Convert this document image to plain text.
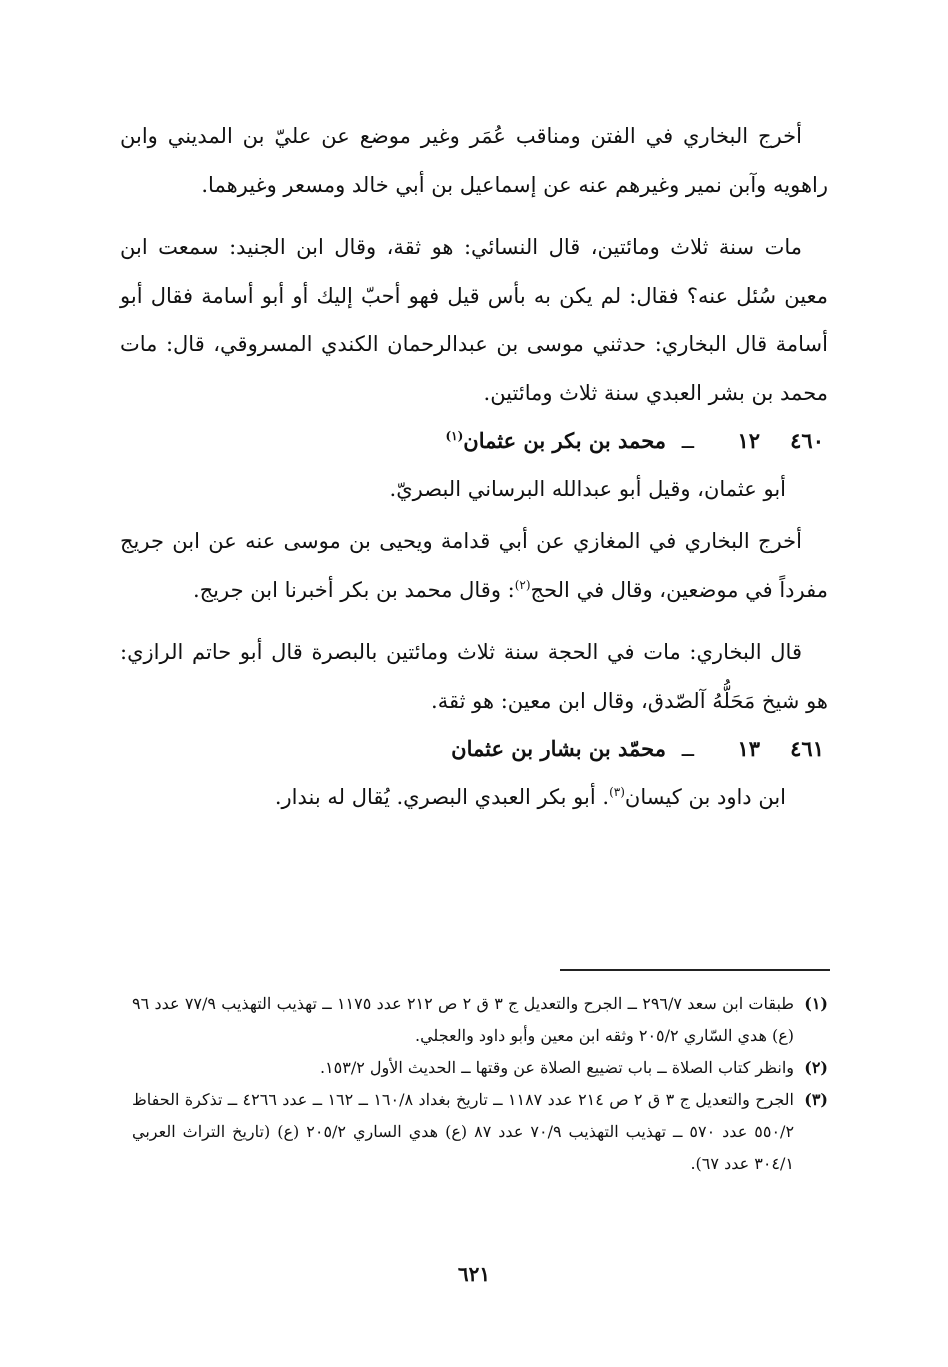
أخرج البخاري في الفتن ومناقب عُمَر وغير موضع عن عليّ بن المديني وابن راهويه وآبن نمير وغيرهم عنه عن إسماعيل بن أبي خالد ومسعر وغيرهما.

مات سنة ثلاث ومائتين، قال النسائي: هو ثقة، وقال ابن الجنيد: سمعت ابن معين سُئل عنه؟ فقال: لم يكن به بأس قيل فهو أحبّ إليك أو أبو أسامة فقال أبو أسامة قال البخاري: حدثني موسى بن عبدالرحمان الكندي المسروقي، قال: مات محمد بن بشر العبدي سنة ثلاث ومائتين.

٤٦٠
١٢
ــ
محمد بن بكر بن عثمان$^{(١)}$
أبو عثمان، وقيل أبو عبدالله البرساني البصريّ.

أخرج البخاري في المغازي عن أبي قدامة ويحيى بن موسى عنه عن ابن جريج مفرداً في موضعين، وقال في الحج$^{(٢)}$: وقال محمد بن بكر أخبرنا ابن جريج.

قال البخاري: مات في الحجة سنة ثلاث ومائتين بالبصرة قال أبو حاتم الرازي: هو شيخ مَحَلُّهُ آلصّدق، وقال ابن معين: هو ثقة.

٤٦١
١٣
ــ
محمّد بن بشار بن عثمان
ابن داود بن كيسان$^{(٣)}$. أبو بكر العبدي البصري. يُقال له بندار.
(١)
طبقات ابن سعد ٢٩٦/٧ ــ الجرح والتعديل ج ٣ ق ٢ ص ٢١٢ عدد ١١٧٥ ــ تهذيب التهذيب ٧٧/٩ عدد ٩٦ (ع) هدي السّاري ٢٠٥/٢ وثقه ابن معين وأبو داود والعجلي.
(٢)
وانظر كتاب الصلاة ــ باب تضييع الصلاة عن وقتها ــ الحديث الأول ١٥٣/٢.
(٣)
الجرح والتعديل ج ٣ ق ٢ ص ٢١٤ عدد ١١٨٧ ــ تاريخ بغداد ١٦٠/٨ ــ ١٦٢ ــ عدد ٤٢٦٦ ــ تذكرة الحفاظ ٥٥٠/٢ عدد ٥٧٠ ــ تهذيب التهذيب ٧٠/٩ عدد ٨٧ (ع) هدي الساري ٢٠٥/٢ (ع) (تاريخ التراث العربي ٣٠٤/١ عدد ٦٧).
٦٢١
